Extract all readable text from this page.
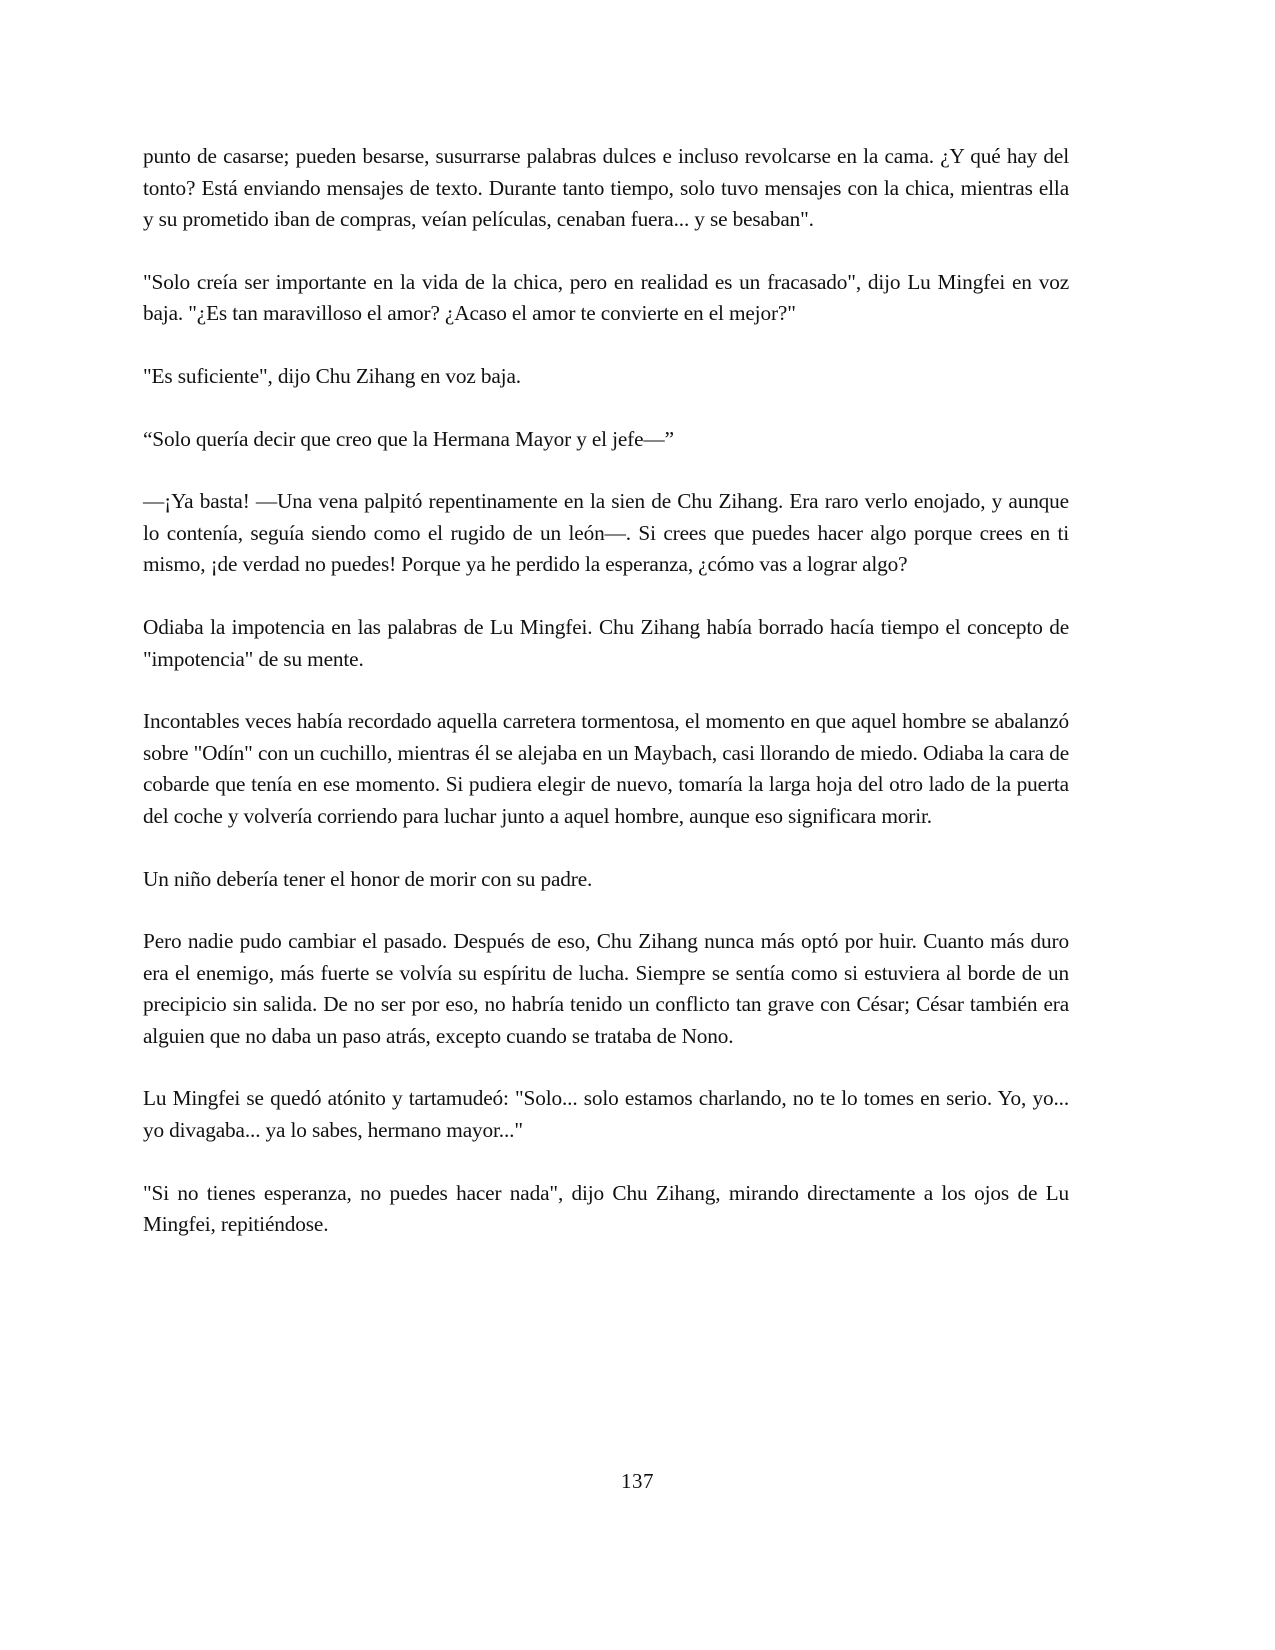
punto de casarse; pueden besarse, susurrarse palabras dulces e incluso revolcarse en la cama. ¿Y qué hay del tonto? Está enviando mensajes de texto. Durante tanto tiempo, solo tuvo mensajes con la chica, mientras ella y su prometido iban de compras, veían películas, cenaban fuera... y se besaban".

"Solo creía ser importante en la vida de la chica, pero en realidad es un fracasado", dijo Lu Mingfei en voz baja. "¿Es tan maravilloso el amor? ¿Acaso el amor te convierte en el mejor?"

"Es suficiente", dijo Chu Zihang en voz baja.

“Solo quería decir que creo que la Hermana Mayor y el jefe—”

—¡Ya basta! —Una vena palpitó repentinamente en la sien de Chu Zihang. Era raro verlo enojado, y aunque lo contenía, seguía siendo como el rugido de un león—. Si crees que puedes hacer algo porque crees en ti mismo, ¡de verdad no puedes! Porque ya he perdido la esperanza, ¿cómo vas a lograr algo?

Odiaba la impotencia en las palabras de Lu Mingfei. Chu Zihang había borrado hacía tiempo el concepto de "impotencia" de su mente.

Incontables veces había recordado aquella carretera tormentosa, el momento en que aquel hombre se abalanzó sobre "Odín" con un cuchillo, mientras él se alejaba en un Maybach, casi llorando de miedo. Odiaba la cara de cobarde que tenía en ese momento. Si pudiera elegir de nuevo, tomaría la larga hoja del otro lado de la puerta del coche y volvería corriendo para luchar junto a aquel hombre, aunque eso significara morir.

Un niño debería tener el honor de morir con su padre.

Pero nadie pudo cambiar el pasado. Después de eso, Chu Zihang nunca más optó por huir. Cuanto más duro era el enemigo, más fuerte se volvía su espíritu de lucha. Siempre se sentía como si estuviera al borde de un precipicio sin salida. De no ser por eso, no habría tenido un conflicto tan grave con César; César también era alguien que no daba un paso atrás, excepto cuando se trataba de Nono.

Lu Mingfei se quedó atónito y tartamudeó: "Solo... solo estamos charlando, no te lo tomes en serio. Yo, yo... yo divagaba... ya lo sabes, hermano mayor..."

"Si no tienes esperanza, no puedes hacer nada", dijo Chu Zihang, mirando directamente a los ojos de Lu Mingfei, repitiéndose.

137
